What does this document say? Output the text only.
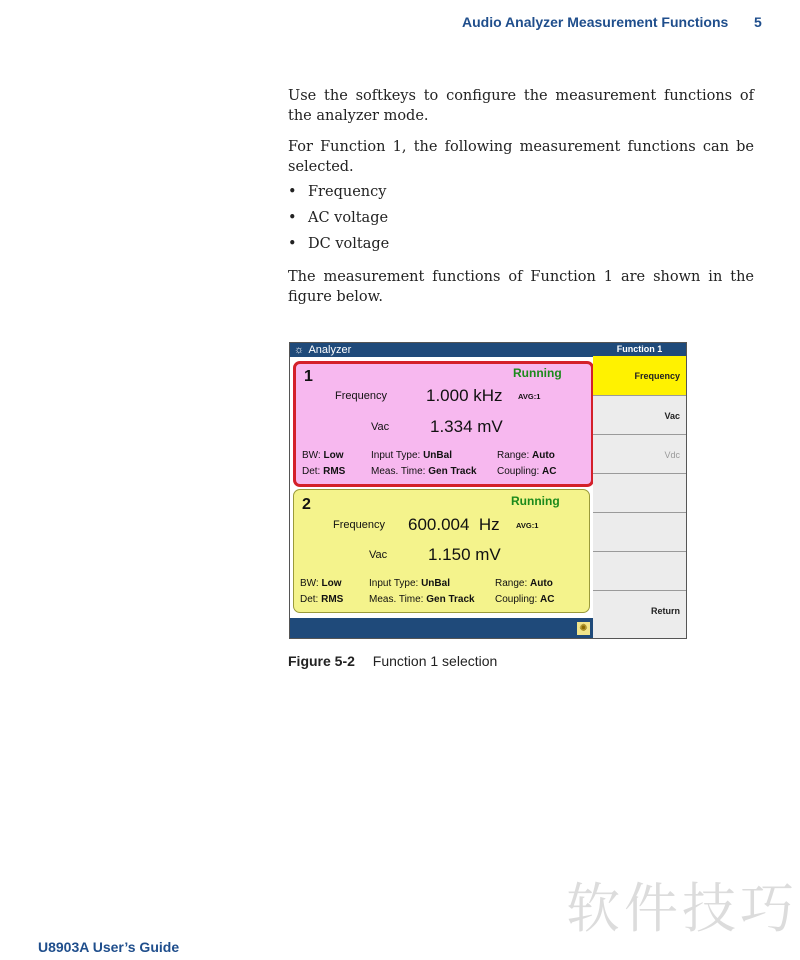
Audio Analyzer Measurement Functions 5

Use the softkeys to configure the measurement functions of the analyzer mode.

For Function 1, the following measurement functions can be selected.

• Frequency
• AC voltage
• DC voltage

The measurement functions of Function 1 are shown in the figure below.

☼ Analyzer
1	Running
Frequency 1.000 kHz AVG:1
Vac 1.334 mV
BW: Low
Det: RMS
Input Type: UnBal
Meas. Time: Gen Track
Range: Auto
Coupling: AC
2	Running
Frequency 600.004  Hz AVG:1
Vac 1.150 mV
BW: Low
Det: RMS
Input Type: UnBal
Meas. Time: Gen Track
Range: Auto
Coupling: AC
✺
Function 1
Frequency
Vac
Vdc
Return
Figure 5-2 Function 1 selection
U8903A User’s Guide
软件技巧
